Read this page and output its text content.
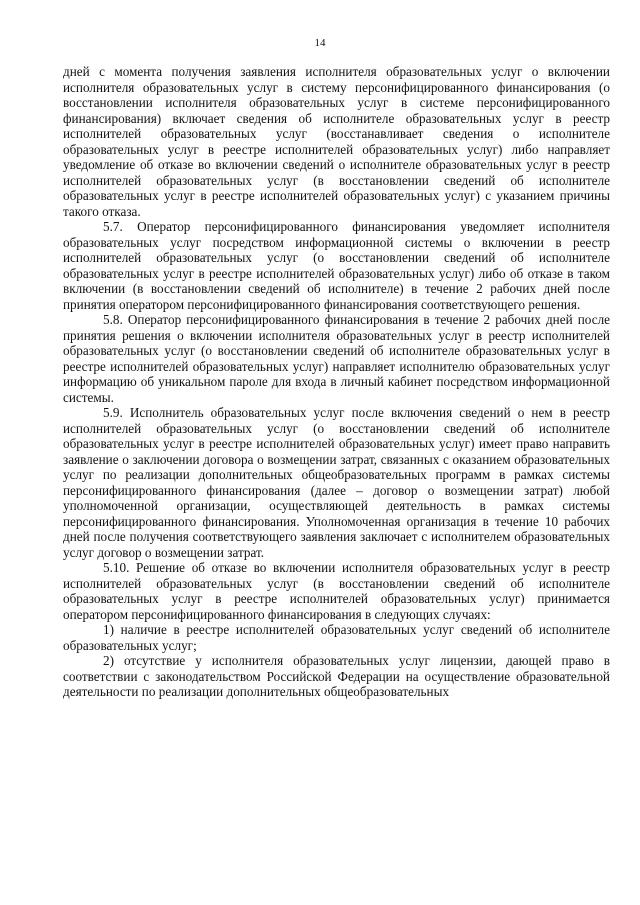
14

дней с момента получения заявления исполнителя образовательных услуг о включении исполнителя образовательных услуг в систему персонифицированного финансирования (о восстановлении исполнителя образовательных услуг в системе персонифицированного финансирования) включает сведения об исполнителе образовательных услуг в реестр исполнителей образовательных услуг (восстанавливает сведения о исполнителе образовательных услуг в реестре исполнителей образовательных услуг) либо направляет уведомление об отказе во включении сведений о исполнителе образовательных услуг в реестр исполнителей образовательных услуг (в восстановлении сведений об исполнителе образовательных услуг в реестре исполнителей образовательных услуг) с указанием причины такого отказа.

5.7. Оператор персонифицированного финансирования уведомляет исполнителя образовательных услуг посредством информационной системы о включении в реестр исполнителей образовательных услуг (о восстановлении сведений об исполнителе образовательных услуг в реестре исполнителей образовательных услуг) либо об отказе в таком включении (в восстановлении сведений об исполнителе) в течение 2 рабочих дней после принятия оператором персонифицированного финансирования соответствующего решения.

5.8. Оператор персонифицированного финансирования в течение 2 рабочих дней после принятия решения о включении исполнителя образовательных услуг в реестр исполнителей образовательных услуг (о восстановлении сведений об исполнителе образовательных услуг в реестре исполнителей образовательных услуг) направляет исполнителю образовательных услуг информацию об уникальном пароле для входа в личный кабинет посредством информационной системы.

5.9. Исполнитель образовательных услуг после включения сведений о нем в реестр исполнителей образовательных услуг (о восстановлении сведений об исполнителе образовательных услуг в реестре исполнителей образовательных услуг) имеет право направить заявление о заключении договора о возмещении затрат, связанных с оказанием образовательных услуг по реализации дополнительных общеобразовательных программ в рамках системы персонифицированного финансирования (далее – договор о возмещении затрат) любой уполномоченной организации, осуществляющей деятельность в рамках системы персонифицированного финансирования. Уполномоченная организация в течение 10 рабочих дней после получения соответствующего заявления заключает с исполнителем образовательных услуг договор о возмещении затрат.

5.10. Решение об отказе во включении исполнителя образовательных услуг в реестр исполнителей образовательных услуг (в восстановлении сведений об исполнителе образовательных услуг в реестре исполнителей образовательных услуг) принимается оператором персонифицированного финансирования в следующих случаях:

1) наличие в реестре исполнителей образовательных услуг сведений об исполнителе образовательных услуг;

2) отсутствие у исполнителя образовательных услуг лицензии, дающей право в соответствии с законодательством Российской Федерации на осуществление образовательной деятельности по реализации дополнительных общеобразовательных
